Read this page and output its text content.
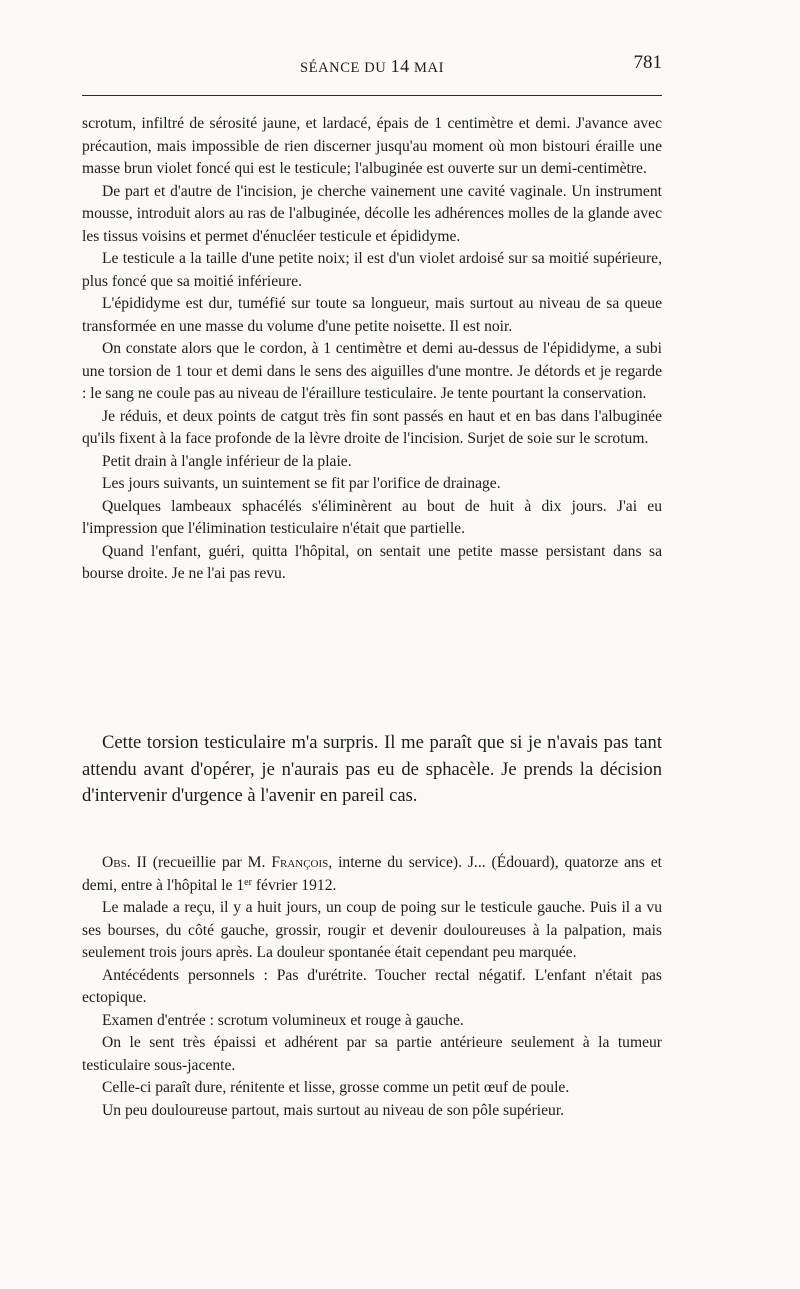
SÉANCE DU 14 MAI	781

scrotum, infiltré de sérosité jaune, et lardacé, épais de 1 centimètre et demi. J'avance avec précaution, mais impossible de rien discerner jusqu'au moment où mon bistouri éraille une masse brun violet foncé qui est le testicule; l'albuginée est ouverte sur un demi-centimètre.

De part et d'autre de l'incision, je cherche vainement une cavité vaginale. Un instrument mousse, introduit alors au ras de l'albuginée, décolle les adhérences molles de la glande avec les tissus voisins et permet d'énucléer testicule et épididyme.

Le testicule a la taille d'une petite noix; il est d'un violet ardoisé sur sa moitié supérieure, plus foncé que sa moitié inférieure.

L'épididyme est dur, tuméfié sur toute sa longueur, mais surtout au niveau de sa queue transformée en une masse du volume d'une petite noisette. Il est noir.

On constate alors que le cordon, à 1 centimètre et demi au-dessus de l'épididyme, a subi une torsion de 1 tour et demi dans le sens des aiguilles d'une montre. Je détords et je regarde : le sang ne coule pas au niveau de l'éraillure testiculaire. Je tente pourtant la conservation.

Je réduis, et deux points de catgut très fin sont passés en haut et en bas dans l'albuginée qu'ils fixent à la face profonde de la lèvre droite de l'incision. Surjet de soie sur le scrotum.

Petit drain à l'angle inférieur de la plaie.

Les jours suivants, un suintement se fit par l'orifice de drainage.

Quelques lambeaux sphacélés s'éliminèrent au bout de huit à dix jours. J'ai eu l'impression que l'élimination testiculaire n'était que partielle.

Quand l'enfant, guéri, quitta l'hôpital, on sentait une petite masse persistant dans sa bourse droite. Je ne l'ai pas revu.

Cette torsion testiculaire m'a surpris. Il me paraît que si je n'avais pas tant attendu avant d'opérer, je n'aurais pas eu de sphacèle. Je prends la décision d'intervenir d'urgence à l'avenir en pareil cas.

Obs. II (recueillie par M. François, interne du service). J... (Édouard), quatorze ans et demi, entre à l'hôpital le 1er février 1912.

Le malade a reçu, il y a huit jours, un coup de poing sur le testicule gauche. Puis il a vu ses bourses, du côté gauche, grossir, rougir et devenir douloureuses à la palpation, mais seulement trois jours après. La douleur spontanée était cependant peu marquée.

Antécédents personnels : Pas d'urétrite. Toucher rectal négatif. L'enfant n'était pas ectopique.

Examen d'entrée : scrotum volumineux et rouge à gauche.

On le sent très épaissi et adhérent par sa partie antérieure seulement à la tumeur testiculaire sous-jacente.

Celle-ci paraît dure, rénitente et lisse, grosse comme un petit œuf de poule.

Un peu douloureuse partout, mais surtout au niveau de son pôle supérieur.
